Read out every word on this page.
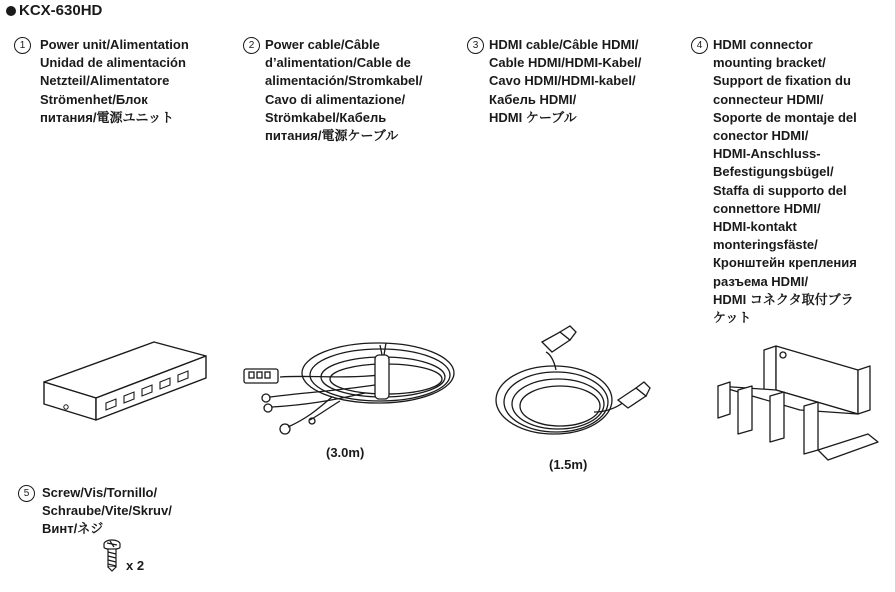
KCX-630HD
1	Power unit/Alimentation
Unidad de alimentación
Netzteil/Alimentatore
Strömenhet/Блок
питания/電源ユニット
2 Power cable/Câble
d’alimentation/Cable de
alimentación/Stromkabel/
Cavo di alimentazione/
Strömkabel/Кабель
питания/電源ケーブル
(3.0m)
3 HDMI cable/Câble HDMI/
Cable HDMI/HDMI-Kabel/
Cavo HDMI/HDMI-kabel/
Кабель HDMI/
HDMI ケーブル
(1.5m)
4 HDMI connector
mounting bracket/
Support de fixation du
connecteur HDMI/
Soporte de montaje del
conector HDMI/
HDMI-Anschluss-
Befestigungsbügel/
Staffa di supporto del
connettore HDMI/
HDMI-kontakt
monteringsfäste/
Кронштейн крепления
разъема HDMI/
HDMI コネクタ取付ブラ
ケット
5 Screw/Vis/Tornillo/
Schraube/Vite/Skruv/
Винт/ネジ
x 2
